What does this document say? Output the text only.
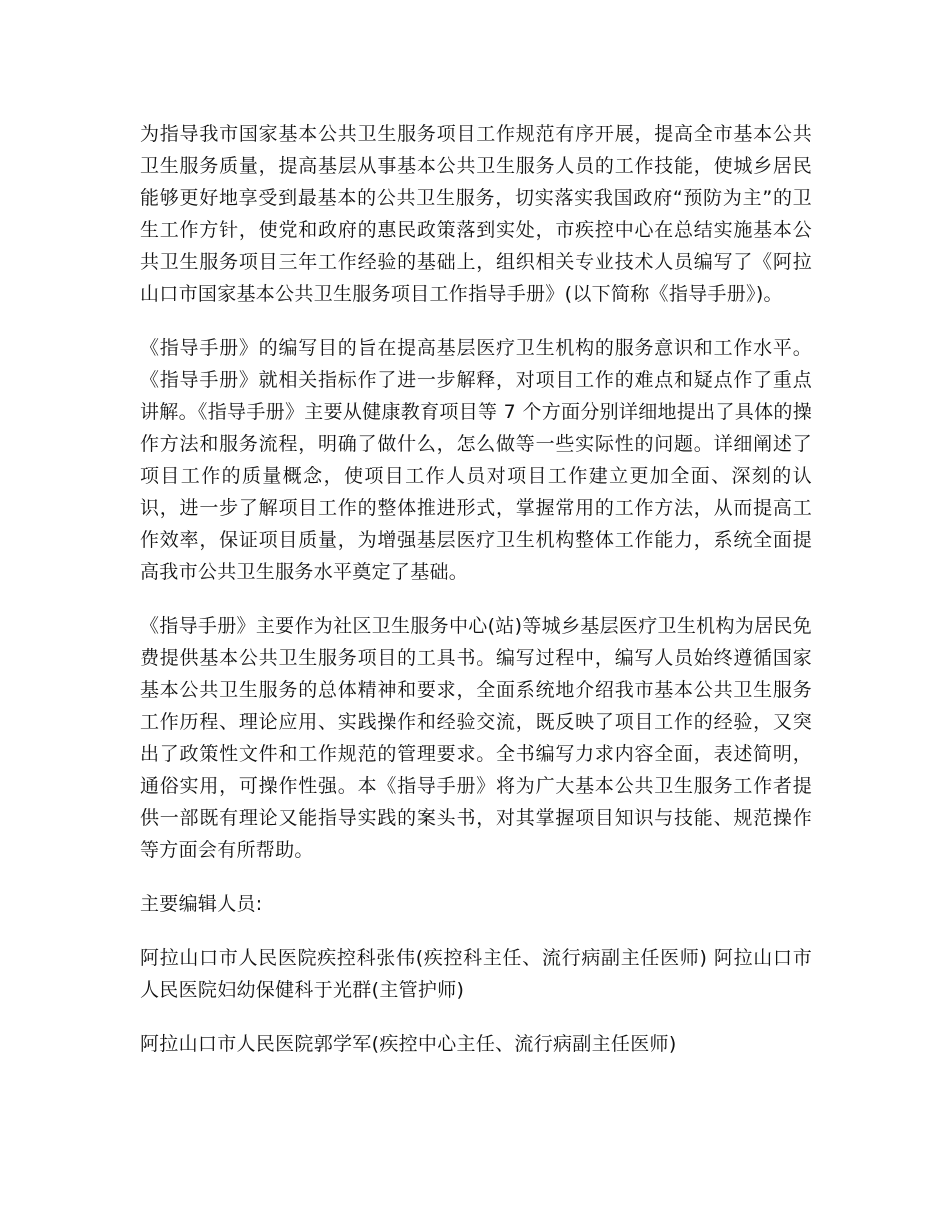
为指导我市国家基本公共卫生服务项目工作规范有序开展，提高全市基本公共卫生服务质量，提高基层从事基本公共卫生服务人员的工作技能，使城乡居民能够更好地享受到最基本的公共卫生服务，切实落实我国政府“预防为主”的卫生工作方针，使党和政府的惠民政策落到实处，市疾控中心在总结实施基本公共卫生服务项目三年工作经验的基础上，组织相关专业技术人员编写了《阿拉山口市国家基本公共卫生服务项目工作指导手册》(以下简称《指导手册》)。

《指导手册》的编写目的旨在提高基层医疗卫生机构的服务意识和工作水平。《指导手册》就相关指标作了进一步解释，对项目工作的难点和疑点作了重点讲解。《指导手册》主要从健康教育项目等 7 个方面分别详细地提出了具体的操作方法和服务流程，明确了做什么，怎么做等一些实际性的问题。详细阐述了项目工作的质量概念，使项目工作人员对项目工作建立更加全面、深刻的认识，进一步了解项目工作的整体推进形式，掌握常用的工作方法，从而提高工作效率，保证项目质量，为增强基层医疗卫生机构整体工作能力，系统全面提高我市公共卫生服务水平奠定了基础。

《指导手册》主要作为社区卫生服务中心(站)等城乡基层医疗卫生机构为居民免费提供基本公共卫生服务项目的工具书。编写过程中，编写人员始终遵循国家基本公共卫生服务的总体精神和要求，全面系统地介绍我市基本公共卫生服务工作历程、理论应用、实践操作和经验交流，既反映了项目工作的经验，又突出了政策性文件和工作规范的管理要求。全书编写力求内容全面，表述简明，通俗实用，可操作性强。本《指导手册》将为广大基本公共卫生服务工作者提供一部既有理论又能指导实践的案头书，对其掌握项目知识与技能、规范操作等方面会有所帮助。

主要编辑人员:

阿拉山口市人民医院疾控科张伟(疾控科主任、流行病副主任医师) 阿拉山口市人民医院妇幼保健科于光群(主管护师)

阿拉山口市人民医院郭学军(疾控中心主任、流行病副主任医师)
